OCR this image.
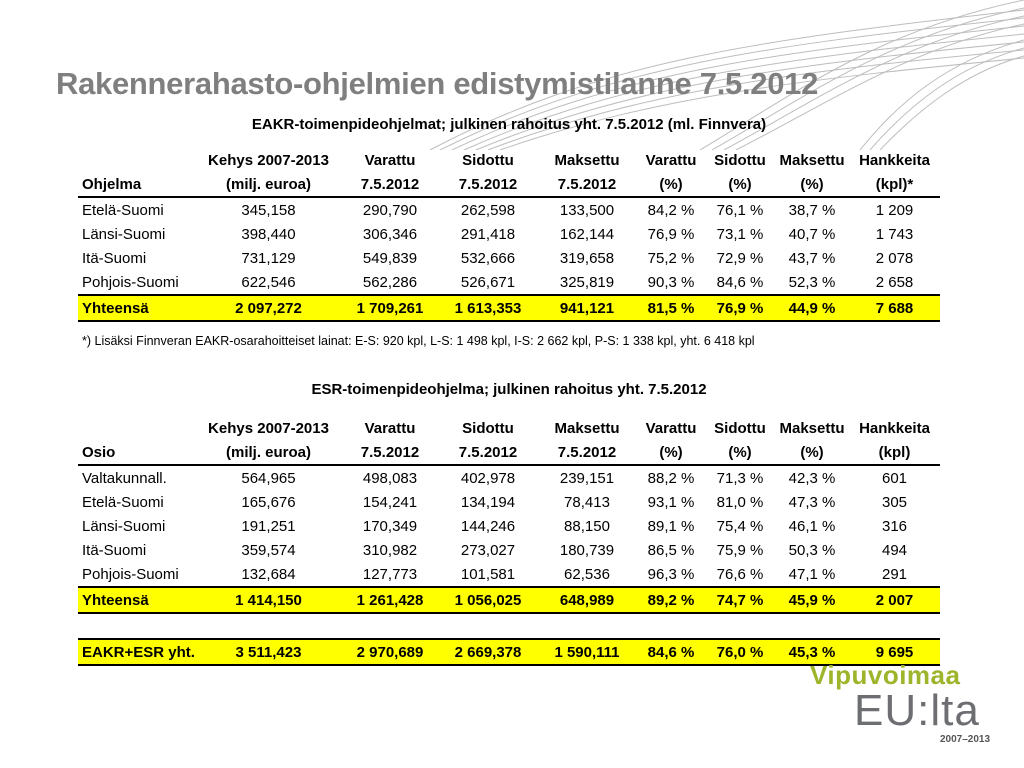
Rakennerahasto-ohjelmien edistymistilanne 7.5.2012
EAKR-toimenpideohjelmat; julkinen rahoitus yht. 7.5.2012 (ml. Finnvera)
	Kehys 2007-2013	Varattu	Sidottu	Maksettu	Varattu	Sidottu	Maksettu	Hankkeita
Ohjelma	(milj. euroa)	7.5.2012	7.5.2012	7.5.2012	(%)	(%)	(%)	(kpl)*
Etelä-Suomi	345,158	290,790	262,598	133,500	84,2 %	76,1 %	38,7 %	1 209
Länsi-Suomi	398,440	306,346	291,418	162,144	76,9 %	73,1 %	40,7 %	1 743
Itä-Suomi	731,129	549,839	532,666	319,658	75,2 %	72,9 %	43,7 %	2 078
Pohjois-Suomi	622,546	562,286	526,671	325,819	90,3 %	84,6 %	52,3 %	2 658
Yhteensä	2 097,272	1 709,261	1 613,353	941,121	81,5 %	76,9 %	44,9 %	7 688
*) Lisäksi Finnveran EAKR-osarahoitteiset lainat: E-S: 920 kpl, L-S: 1 498 kpl, I-S: 2 662 kpl, P-S: 1 338 kpl, yht. 6 418 kpl
ESR-toimenpideohjelma; julkinen rahoitus yht. 7.5.2012
	Kehys 2007-2013	Varattu	Sidottu	Maksettu	Varattu	Sidottu	Maksettu	Hankkeita
Osio	(milj. euroa)	7.5.2012	7.5.2012	7.5.2012	(%)	(%)	(%)	(kpl)
Valtakunnall.	564,965	498,083	402,978	239,151	88,2 %	71,3 %	42,3 %	601
Etelä-Suomi	165,676	154,241	134,194	78,413	93,1 %	81,0 %	47,3 %	305
Länsi-Suomi	191,251	170,349	144,246	88,150	89,1 %	75,4 %	46,1 %	316
Itä-Suomi	359,574	310,982	273,027	180,739	86,5 %	75,9 %	50,3 %	494
Pohjois-Suomi	132,684	127,773	101,581	62,536	96,3 %	76,6 %	47,1 %	291
Yhteensä	1 414,150	1 261,428	1 056,025	648,989	89,2 %	74,7 %	45,9 %	2 007

EAKR+ESR yht.	3 511,423	2 970,689	2 669,378	1 590,111	84,6 %	76,0 %	45,3 %	9 695
Vipuvoimaa
EU:lta
2007–2013
